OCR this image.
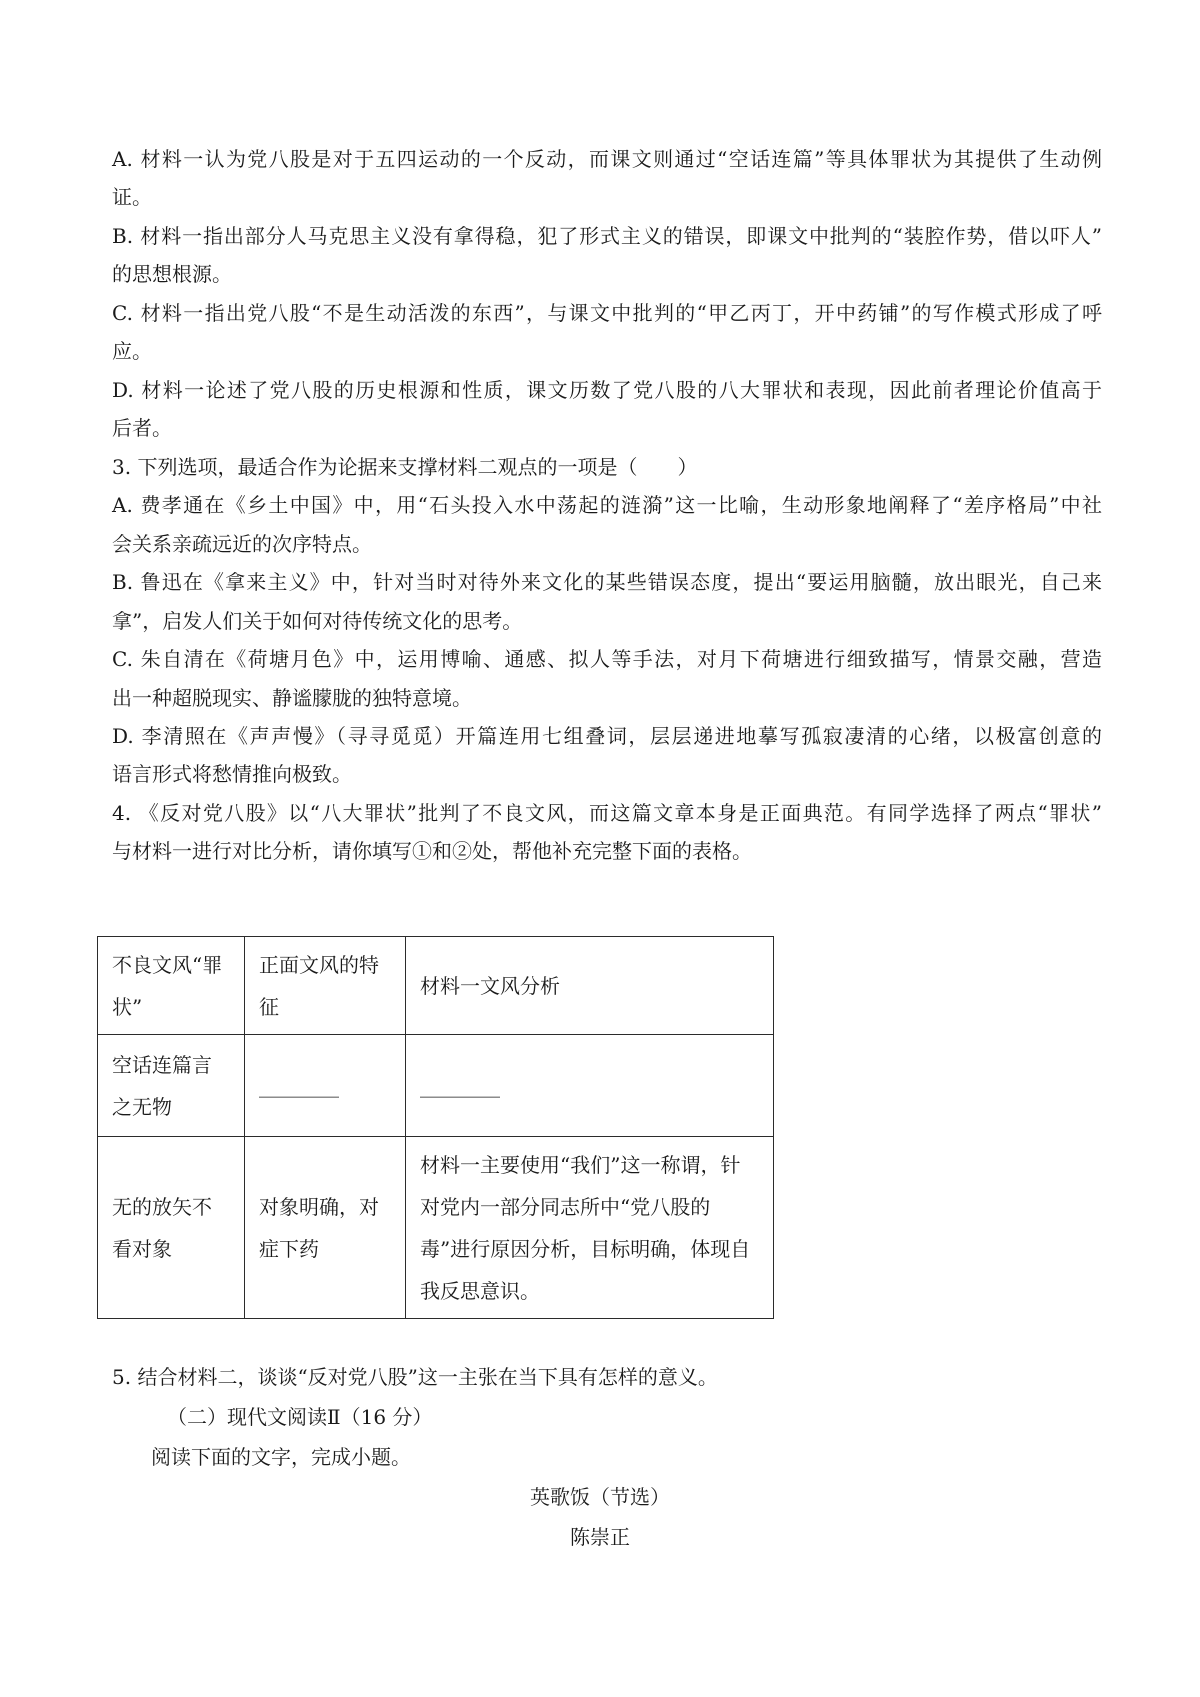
A. 材料一认为党八股是对于五四运动的一个反动，而课文则通过“空话连篇”等具体罪状为其提供了生动例
证。
B. 材料一指出部分人马克思主义没有拿得稳，犯了形式主义的错误，即课文中批判的“装腔作势，借以吓人”
的思想根源。
C. 材料一指出党八股“不是生动活泼的东西”，与课文中批判的“甲乙丙丁，开中药铺”的写作模式形成了呼
应。
D. 材料一论述了党八股的历史根源和性质，课文历数了党八股的八大罪状和表现，因此前者理论价值高于
后者。
3. 下列选项，最适合作为论据来支撑材料二观点的一项是（　　）
A. 费孝通在《乡土中国》中，用“石头投入水中荡起的涟漪”这一比喻，生动形象地阐释了“差序格局”中社
会关系亲疏远近的次序特点。
B. 鲁迅在《拿来主义》中，针对当时对待外来文化的某些错误态度，提出“要运用脑髓，放出眼光，自己来
拿”，启发人们关于如何对待传统文化的思考。
C. 朱自清在《荷塘月色》中，运用博喻、通感、拟人等手法，对月下荷塘进行细致描写，情景交融，营造
出一种超脱现实、静谧朦胧的独特意境。
D. 李清照在《声声慢》（寻寻觅觅）开篇连用七组叠词，层层递进地摹写孤寂凄清的心绪，以极富创意的
语言形式将愁情推向极致。
4. 《反对党八股》以“八大罪状”批判了不良文风，而这篇文章本身是正面典范。有同学选择了两点“罪状”
与材料一进行对比分析，请你填写①和②处，帮他补充完整下面的表格。
不良文风“罪状”	正面文风的特征	材料一文风分析
空话连篇言之无物	________	________
无的放矢不看对象	对象明确，对症下药	材料一主要使用“我们”这一称谓，针对党内一部分同志所中“党八股的毒”进行原因分析，目标明确，体现自我反思意识。
5. 结合材料二，谈谈“反对党八股”这一主张在当下具有怎样的意义。
（二）现代文阅读Ⅱ（16 分）
阅读下面的文字，完成小题。
英歌饭（节选）
陈崇正
